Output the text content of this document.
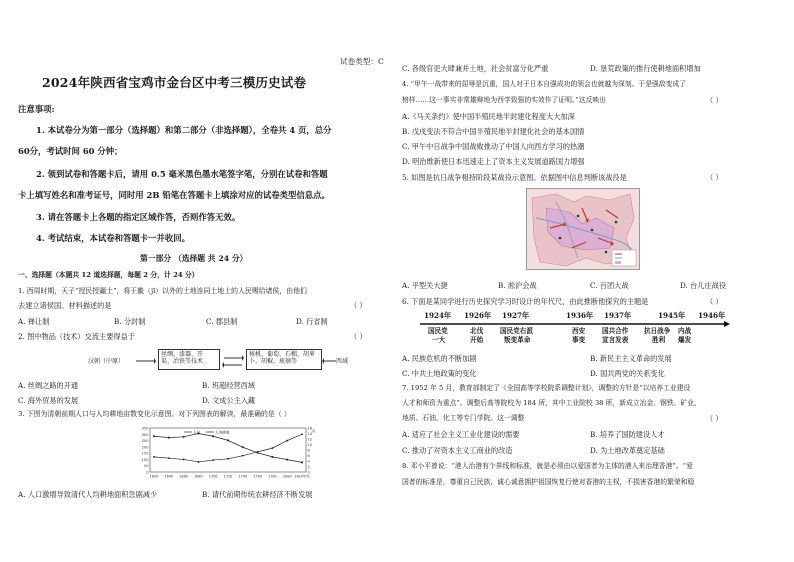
试卷类型：C
2024年陕西省宝鸡市金台区中考三模历史试卷
注意事项:
1. 本试卷分为第一部分（选择题）和第二部分（非选择题），全卷共 4 页，总分
60分，考试时间 60 分钟；
2. 领到试卷和答题卡后，请用 0.5 毫米黑色墨水笔签字笔，分别在试卷和答题
卡上填写姓名和准考证号，同时用 2B 铅笔在答题卡上填涂对应的试卷类型信息点。
3. 请在答题卡上各题的指定区域作答，否则作答无效。
4. 考试结束，本试卷和答题卡一并收回。
第一部分 （选择题 共 24 分）
一、选择题（本题共 12 道选择题，每题 2 分，计 24 分）
1. 西周时期，天子“授民授疆土”，将王畿（jī）以外的土地连同土地上的人民赐给诸侯，由他们
去建立诸侯国。材料描述的是	（ ）
A. 禅让制	B. 分封制	C. 郡县制	D. 行省制
2. 图中物品（技术）交流主要得益于	（ ）
汉朝（中原）
丝绸、漆器、开
渠、冶铁等技术
核桃、葡萄、石榴、胡萝
卜、胡椒、琉璃等	西域
A. 丝绸之路的开通	B. 班超经营西域
C. 海外贸易的发展	D. 文成公主入藏
3. 下图为清朝前期人口与人均耕地亩数变化示意图。对下列图表的解读，最准确的是（ ）
350
300
250
200
150
100
50
0
16
14
12
10
8
6
4
2
0
亩
1620 1640 1660 1680 1700 1720 1740 1760 1780 1800 1820年份
人口	人均耕地
A. 人口激增导致清代人均耕地面积急剧减少	B. 请代前期传统农耕经济不断发展
C. 各级官吏大肆兼并土地，社会贫富分化严重	D. 垦荒政策的推行使耕地面积增加
4. “甲午一战带来的屈辱是沉重，国人对于日本自强成功的领会也就越为深刻。于是强敌变成了
榜样……这一事实非常雄辩地为西学致强的实效作了证明。”这反映出	（ ）
A.《马关条约》使中国半殖民地半封建化程度大大加深
B. 戊戌变法不符合中国半殖民地半封建化社会的基本国情
C. 甲午中日战争中国战败推动了中国人向西方学习的热潮
D. 明治维新使日本迅速走上了资本主义发展道路国力增强
5. 如图是抗日战争相持阶段某战役示意图。依据图中信息判断该战役是	（ ）
A. 平型关大捷	B. 淞沪会战	C. 百团大战	D. 台儿庄战役
6. 下面是某同学进行历史探究学习时设计的年代尺，由此推断他探究的主题是	（ ）
1924年 1926年 1927年	1936年 1937年	1945年 1946年
国民党
一大
北伐
开始
国民党右派
叛变革命
西安
事变
国共合作
宣言发表
抗日战争
胜利
内战
爆发
A. 民族危机的不断加剧	B. 新民主主义革命的发展
C. 中共土地政策的变化	D. 国共两党的关系变化
7. 1952 年 5 月，教育部制定了《全国高等学校院系调整计划》，调整的方针是“以培养工业建设
人才和师资为重点”。调整后高等院校为 184 所，其中工业院校 38 所，新成立冶金、钢铁、矿业、
地质、石油、化工等专门学院。这一调整	（ ）
A. 适应了社会主义工业化建设的需要	B. 培养了国防建设人才
C. 推动了对资本主义工商业的改造	D. 为土地改革奠定基础
8. 邓小平曾说：“港人治港有个界线和标准，就是必须由以爱国者为主体的港人来治理香港”。“爱
国者的标准是，尊重自己民族，诚心诚意拥护祖国恢复行使对香港的主权，不损害香港的繁荣和稳
